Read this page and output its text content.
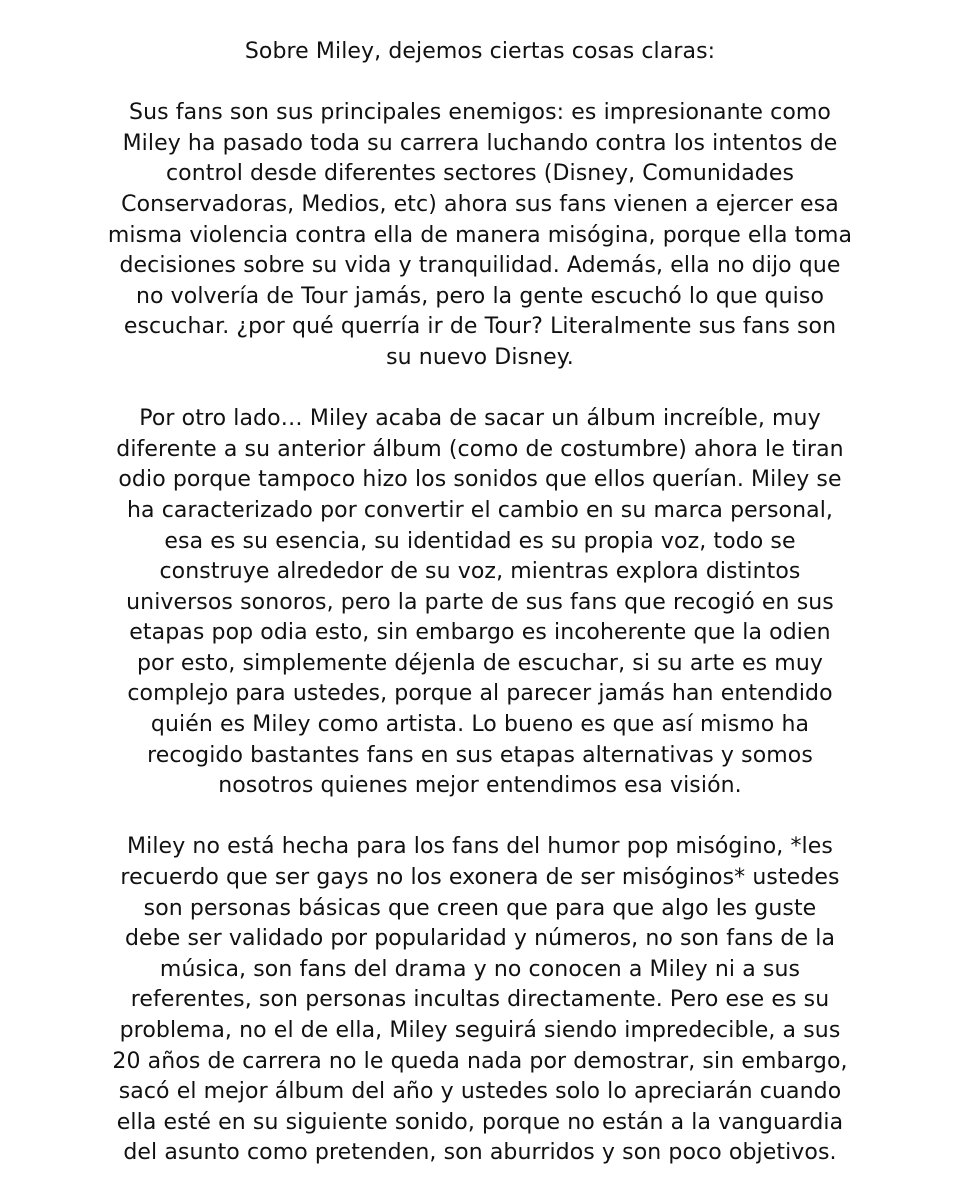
Sobre Miley, dejemos ciertas cosas claras:
Sus fans son sus principales enemigos: es impresionante como
Miley ha pasado toda su carrera luchando contra los intentos de
control desde diferentes sectores (Disney, Comunidades
Conservadoras, Medios, etc) ahora sus fans vienen a ejercer esa
misma violencia contra ella de manera misógina, porque ella toma
decisiones sobre su vida y tranquilidad. Además, ella no dijo que
no volvería de Tour jamás, pero la gente escuchó lo que quiso
escuchar. ¿por qué querría ir de Tour? Literalmente sus fans son
su nuevo Disney.
Por otro lado… Miley acaba de sacar un álbum increíble, muy
diferente a su anterior álbum (como de costumbre) ahora le tiran
odio porque tampoco hizo los sonidos que ellos querían. Miley se
ha caracterizado por convertir el cambio en su marca personal,
esa es su esencia, su identidad es su propia voz, todo se
construye alrededor de su voz, mientras explora distintos
universos sonoros, pero la parte de sus fans que recogió en sus
etapas pop odia esto, sin embargo es incoherente que la odien
por esto, simplemente déjenla de escuchar, si su arte es muy
complejo para ustedes, porque al parecer jamás han entendido
quién es Miley como artista. Lo bueno es que así mismo ha
recogido bastantes fans en sus etapas alternativas y somos
nosotros quienes mejor entendimos esa visión.
Miley no está hecha para los fans del humor pop misógino, *les
recuerdo que ser gays no los exonera de ser misóginos* ustedes
son personas básicas que creen que para que algo les guste
debe ser validado por popularidad y números, no son fans de la
música, son fans del drama y no conocen a Miley ni a sus
referentes, son personas incultas directamente. Pero ese es su
problema, no el de ella, Miley seguirá siendo impredecible, a sus
20 años de carrera no le queda nada por demostrar, sin embargo,
sacó el mejor álbum del año y ustedes solo lo apreciarán cuando
ella esté en su siguiente sonido, porque no están a la vanguardia
del asunto como pretenden, son aburridos y son poco objetivos.
